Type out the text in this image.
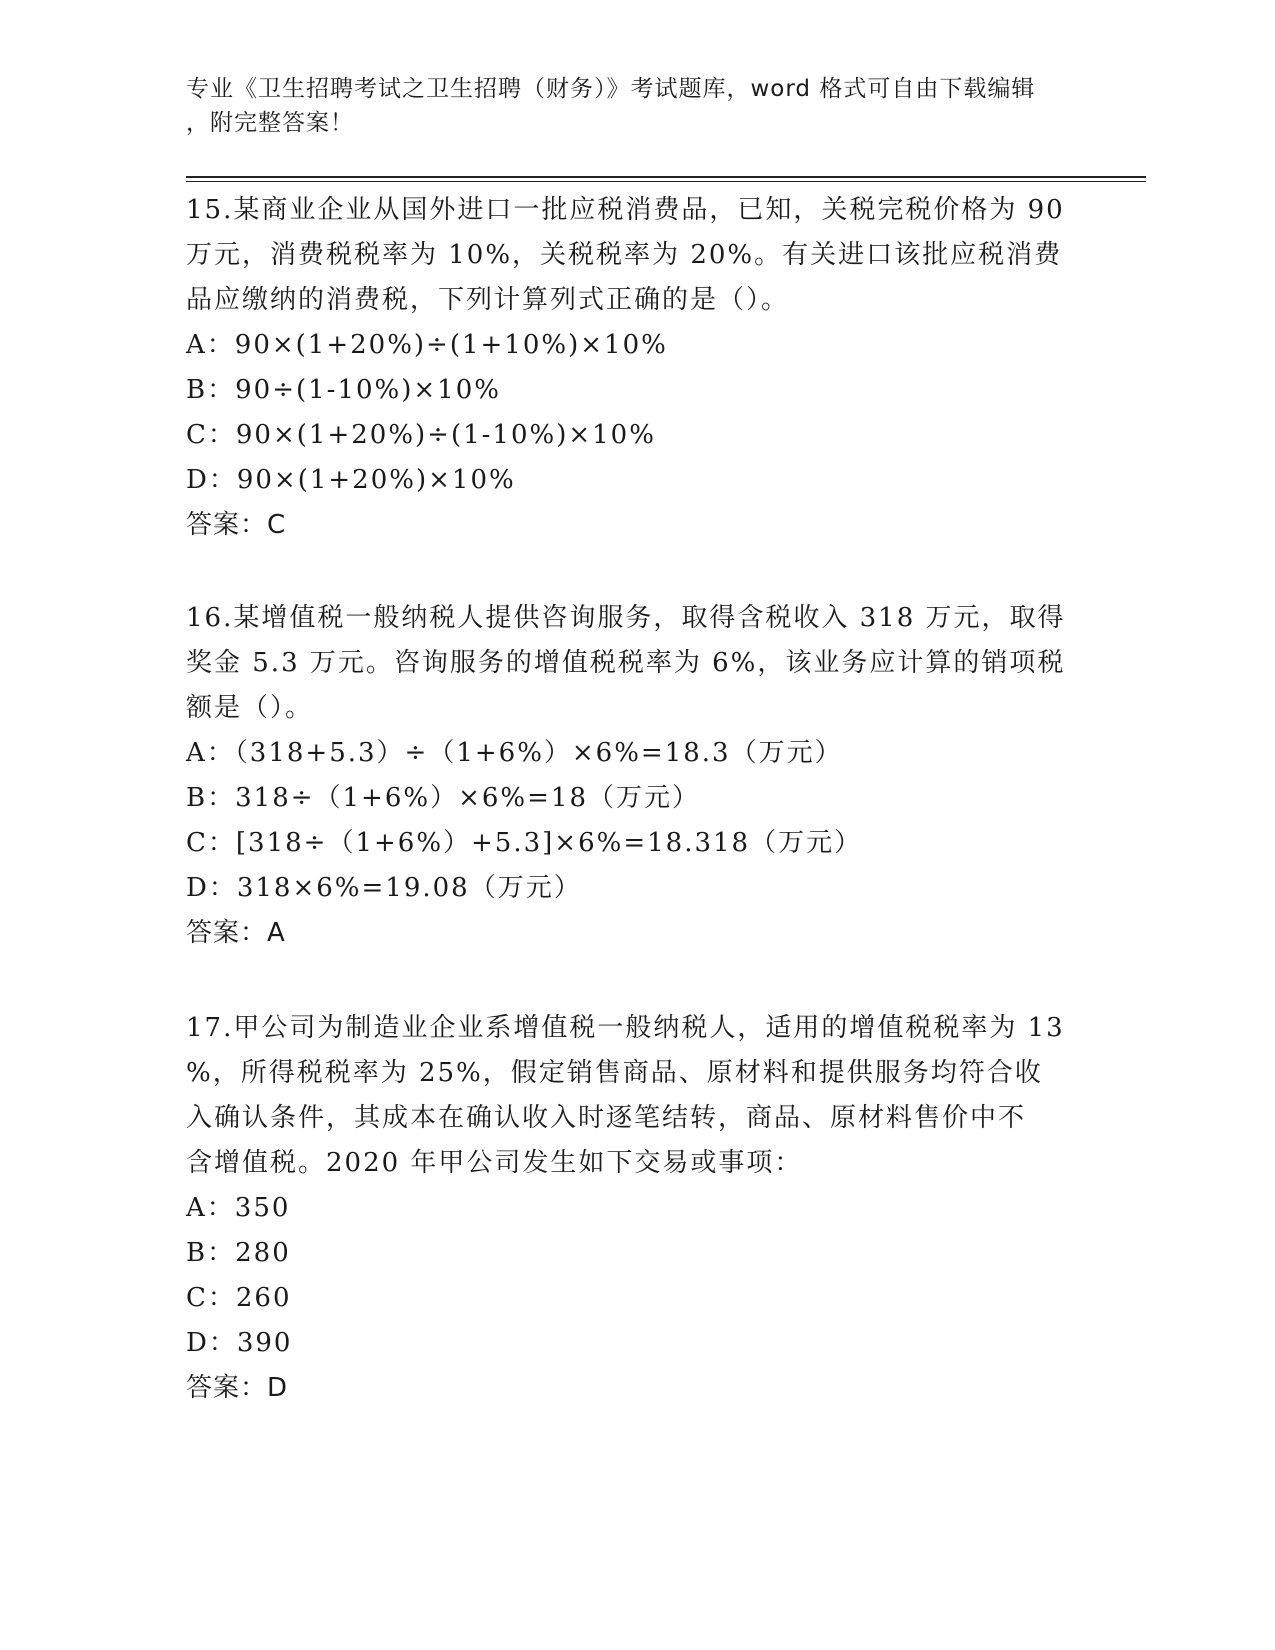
专业《卫生招聘考试之卫生招聘（财务）》考试题库，word 格式可自由下载编辑
，附完整答案！
15.某商业企业从国外进口一批应税消费品，已知，关税完税价格为 90
万元，消费税税率为 10%，关税税率为 20%。有关进口该批应税消费
品应缴纳的消费税，下列计算列式正确的是（）。
A：90×(1+20%)÷(1+10%)×10%
B：90÷(1-10%)×10%
C：90×(1+20%)÷(1-10%)×10%
D：90×(1+20%)×10%
答案：C
16.某增值税一般纳税人提供咨询服务，取得含税收入 318 万元，取得
奖金 5.3 万元。咨询服务的增值税税率为 6%，该业务应计算的销项税
额是（）。
A：（318+5.3）÷（1+6%）×6%=18.3（万元）
B：318÷（1+6%）×6%=18（万元）
C：[318÷（1+6%）+5.3]×6%=18.318（万元）
D：318×6%=19.08（万元）
答案：A
17.甲公司为制造业企业系增值税一般纳税人，适用的增值税税率为 13
%，所得税税率为 25%，假定销售商品、原材料和提供服务均符合收
入确认条件，其成本在确认收入时逐笔结转，商品、原材料售价中不
含增值税。2020 年甲公司发生如下交易或事项：
A：350
B：280
C：260
D：390
答案：D
